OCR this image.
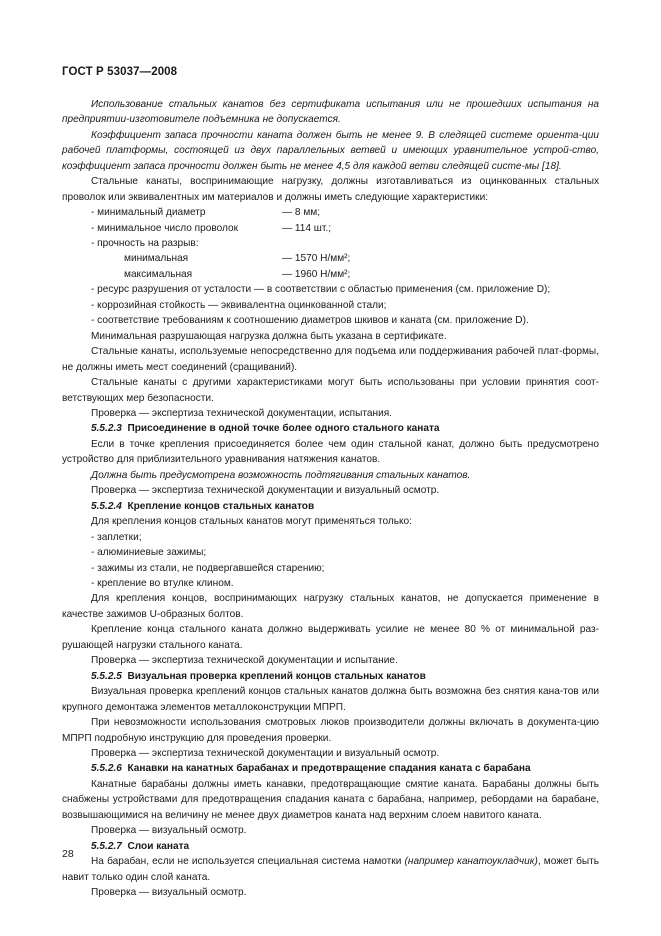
ГОСТ Р 53037—2008

Использование стальных канатов без сертификата испытания или не прошедших испытания на предприятии-изготовителе подъемника не допускается.

Коэффициент запаса прочности каната должен быть не менее 9. В следящей системе ориента-ции рабочей платформы, состоящей из двух параллельных ветвей и имеющих уравнительное устрой-ство, коэффициент запаса прочности должен быть не менее 4,5 для каждой ветви следящей систе-мы [18].

Стальные канаты, воспринимающие нагрузку, должны изготавливаться из оцинкованных стальных проволок или эквивалентных им материалов и должны иметь следующие характеристики:

- минимальный диаметр	— 8 мм;
- минимальное число проволок	— 114 шт.;
- прочность на разрыв:
минимальная	— 1570 Н/мм²;
максимальная	— 1960 Н/мм²;

- ресурс разрушения от усталости — в соответствии с областью применения (см. приложение D);

- коррозийная стойкость — эквивалентна оцинкованной стали;

- соответствие требованиям к соотношению диаметров шкивов и каната (см. приложение D).

Минимальная разрушающая нагрузка должна быть указана в сертификате.

Стальные канаты, используемые непосредственно для подъема или поддерживания рабочей плат-формы, не должны иметь мест соединений (сращиваний).

Стальные канаты с другими характеристиками могут быть использованы при условии принятия соот-ветствующих мер безопасности.

Проверка — экспертиза технической документации, испытания.

5.5.2.3 Присоединение в одной точке более одного стального каната

Если в точке крепления присоединяется более чем один стальной канат, должно быть предусмотрено устройство для приблизительного уравнивания натяжения канатов.

Должна быть предусмотрена возможность подтягивания стальных канатов.

Проверка — экспертиза технической документации и визуальный осмотр.

5.5.2.4 Крепление концов стальных канатов

Для крепления концов стальных канатов могут применяться только:

- заплетки;

- алюминиевые зажимы;

- зажимы из стали, не подвергавшейся старению;

- крепление во втулке клином.

Для крепления концов, воспринимающих нагрузку стальных канатов, не допускается применение в качестве зажимов U-образных болтов.

Крепление конца стального каната должно выдерживать усилие не менее 80 % от минимальной раз-рушающей нагрузки стального каната.

Проверка — экспертиза технической документации и испытание.

5.5.2.5 Визуальная проверка креплений концов стальных канатов

Визуальная проверка креплений концов стальных канатов должна быть возможна без снятия кана-тов или крупного демонтажа элементов металлоконструкции МПРП.

При невозможности использования смотровых люков производители должны включать в документа-цию МПРП подробную инструкцию для проведения проверки.

Проверка — экспертиза технической документации и визуальный осмотр.

5.5.2.6 Канавки на канатных барабанах и предотвращение спадания каната с барабана

Канатные барабаны должны иметь канавки, предотвращающие смятие каната. Барабаны должны быть снабжены устройствами для предотвращения спадания каната с барабана, например, ребордами на барабане, возвышающимися на величину не менее двух диаметров каната над верхним слоем навитого каната.

Проверка — визуальный осмотр.

5.5.2.7 Слои каната

На барабан, если не используется специальная система намотки (например канатоукладчик), может быть навит только один слой каната.

Проверка — визуальный осмотр.

28
